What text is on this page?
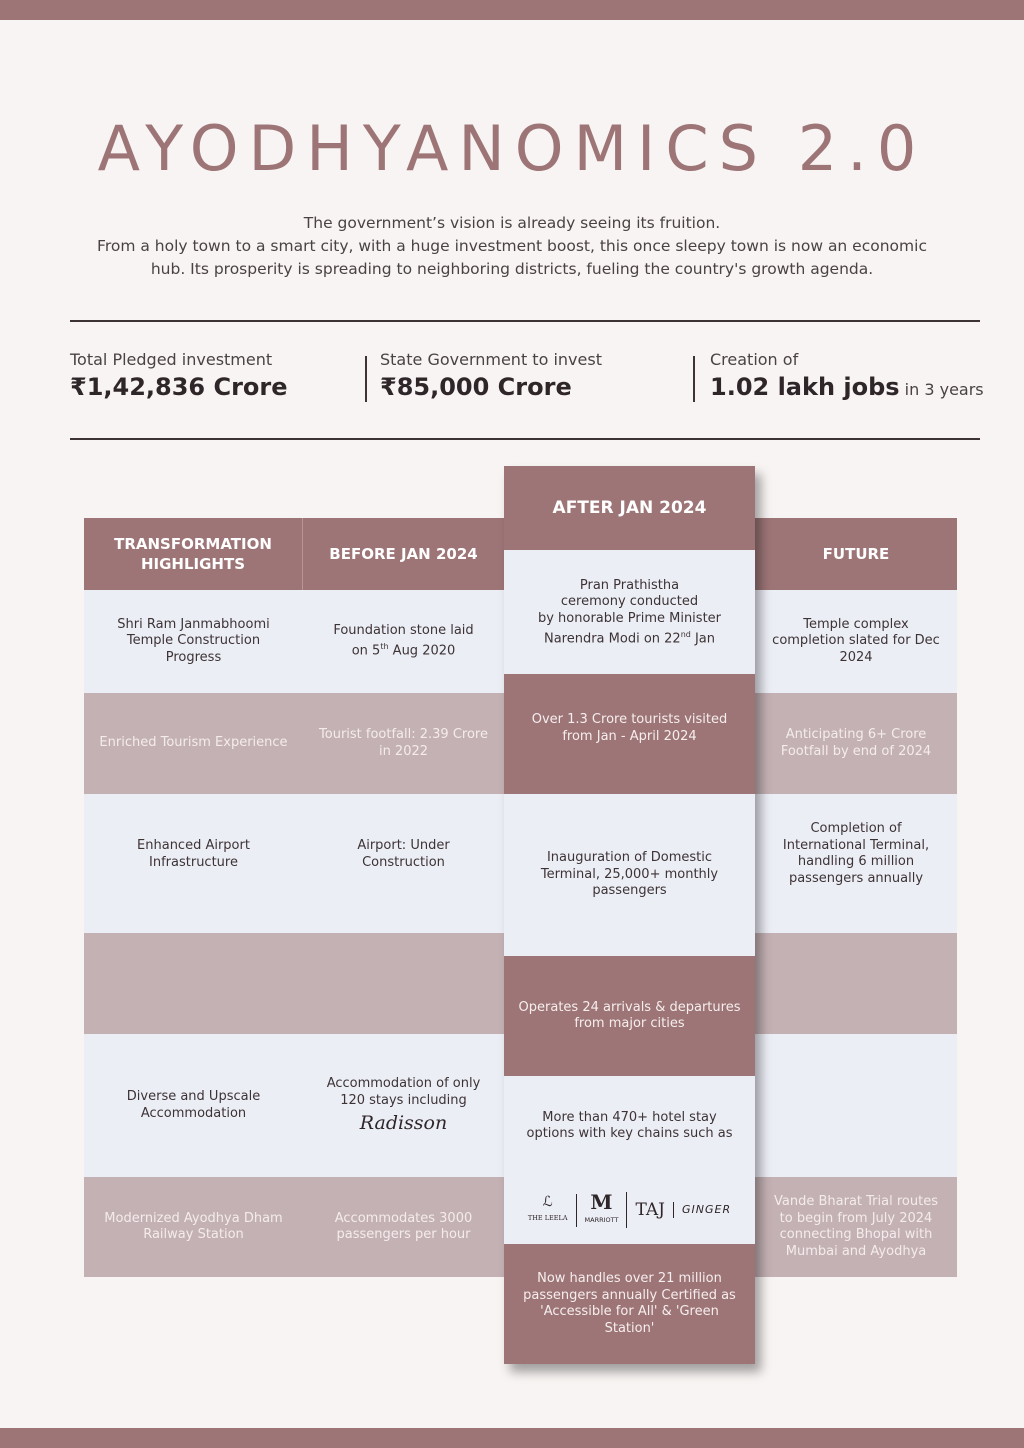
AYODHYANOMICS 2.0
The government’s vision is already seeing its fruition.
From a holy town to a smart city, with a huge investment boost, this once sleepy town is now an economic hub. Its prosperity is spreading to neighboring districts, fueling the country's growth agenda.
Total Pledged investment
₹1,42,836 Crore
State Government to invest
₹85,000 Crore
Creation of
1.02 lakh jobs in 3 years
TRANSFORMATION HIGHLIGHTS
BEFORE JAN 2024	FUTURE
Shri Ram Janmabhoomi Temple Construction Progress
Foundation stone laid
on 5th Aug 2020
Temple complex completion slated for Dec 2024
Enriched Tourism Experience
Tourist footfall: 2.39 Crore in 2022
Anticipating 6+ Crore Footfall by end of 2024
Enhanced Airport Infrastructure
Airport: Under Construction
Completion of International Terminal, handling 6 million passengers annually
Diverse and Upscale Accommodation
Accommodation of only 120 stays including
Radisson
Modernized Ayodhya Dham Railway Station
Accommodates 3000 passengers per hour
Vande Bharat Trial routes to begin from July 2024 connecting Bhopal with Mumbai and Ayodhya
AFTER JAN 2024
Pran Prathistha
ceremony conducted
by honorable Prime Minister
Narendra Modi on 22nd Jan
Over 1.3 Crore tourists visited from Jan - April 2024
Inauguration of Domestic Terminal, 25,000+ monthly passengers
Operates 24 arrivals & departures from major cities
More than 470+ hotel stay options with key chains such as
ℒ
THE LEELA
M
MARRIOTT TAJ GINGER
Now handles over 21 million passengers annually Certified as 'Accessible for All' & 'Green Station'
